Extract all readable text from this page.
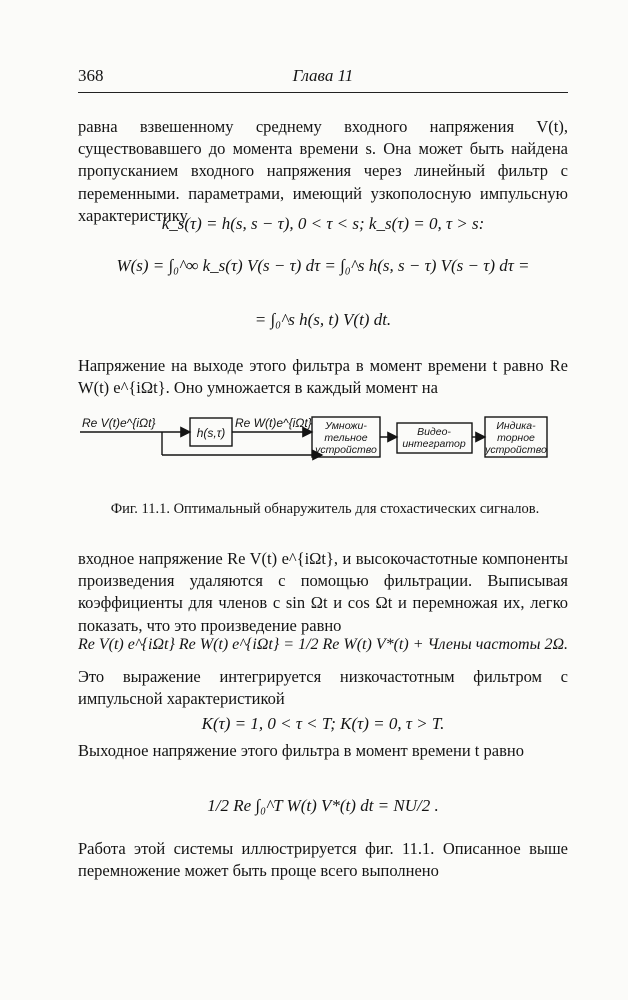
368	Глава 11
равна взвешенному среднему входного напряжения V(t), существовавшего до момента времени s. Она может быть найдена пропусканием входного напряжения через линейный фильтр с переменными. параметрами, имеющий узкополосную импульсную характеристику
k_s(τ) = h(s, s − τ), 0 < τ < s; k_s(τ) = 0, τ > s:
W(s) = ∫₀^∞ k_s(τ) V(s − τ) dτ = ∫₀^s h(s, s − τ) V(s − τ) dτ =
= ∫₀^s h(s, t) V(t) dt.
Напряжение на выходе этого фильтра в момент времени t равно Re W(t) e^{iΩt}. Оно умножается в каждый момент на
Re V(t)e^{iΩt}
h(s,τ)
Re W(t)e^{iΩt} Умножи-
тельное
устройство
Видео-
интегратор
Индика-
торное
устройство
Фиг. 11.1. Оптимальный обнаружитель для стохастических сигналов.
входное напряжение Re V(t) e^{iΩt}, и высокочастотные компоненты произведения удаляются с помощью фильтрации. Выписывая коэффициенты для членов с sin Ωt и cos Ωt и перемножая их, легко показать, что это произведение равно
Re V(t) e^{iΩt} Re W(t) e^{iΩt} = 1/2 Re W(t) V*(t) + Члены частоты 2Ω.
Это выражение интегрируется низкочастотным фильтром с импульсной характеристикой
K(τ) = 1, 0 < τ < T; K(τ) = 0, τ > T.
Выходное напряжение этого фильтра в момент времени t равно
1/2 Re ∫₀^T W(t) V*(t) dt = NU/2 .
Работа этой системы иллюстрируется фиг. 11.1. Описанное выше перемножение может быть проще всего выполнено
